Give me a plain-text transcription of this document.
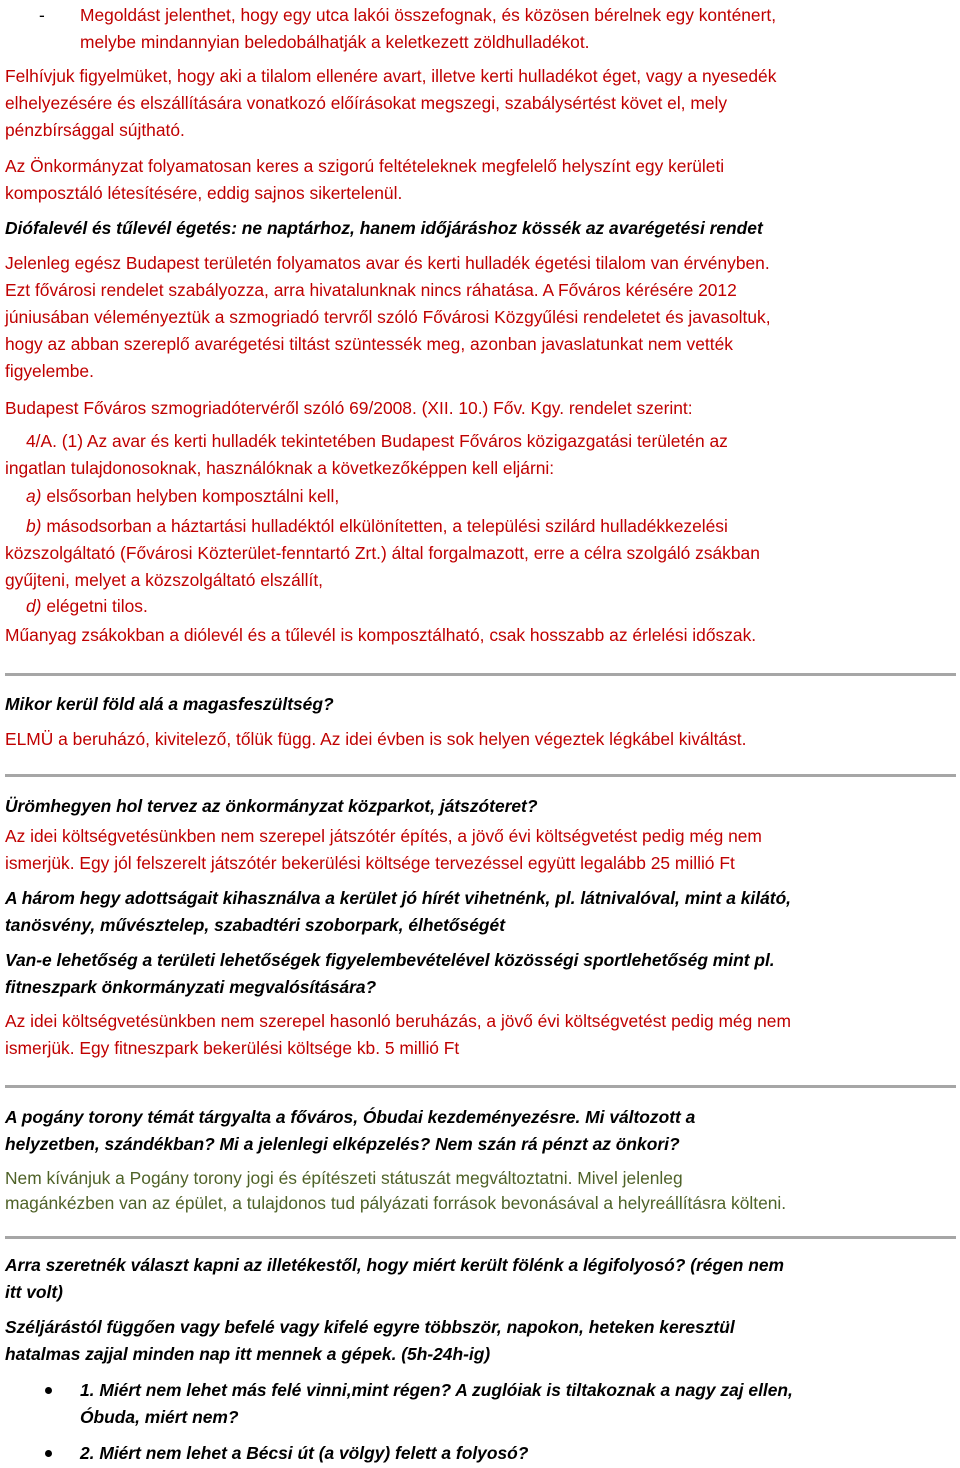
- Megoldást jelenthet, hogy egy utca lakói összefognak, és közösen bérelnek egy konténert,
melybe mindannyian beledobálhatják a keletkezett zöldhulladékot.
Felhívjuk figyelmüket, hogy aki a tilalom ellenére avart, illetve kerti hulladékot éget, vagy a nyesedék
elhelyezésére és elszállítására vonatkozó előírásokat megszegi, szabálysértést követ el, mely
pénzbírsággal sújtható.
Az Önkormányzat folyamatosan keres a szigorú feltételeknek megfelelő helyszínt egy kerületi
komposztáló létesítésére, eddig sajnos sikertelenül.
Diófalevél és tűlevél égetés: ne naptárhoz, hanem időjáráshoz kössék az avarégetési rendet
Jelenleg egész Budapest területén folyamatos avar és kerti hulladék égetési tilalom van érvényben.
Ezt fővárosi rendelet szabályozza, arra hivatalunknak nincs ráhatása. A Főváros kérésére 2012
júniusában véleményeztük a szmogriadó tervről szóló Fővárosi Közgyűlési rendeletet és javasoltuk,
hogy az abban szereplő avarégetési tiltást szüntessék meg, azonban javaslatunkat nem vették
figyelembe.
Budapest Főváros szmogriadótervéről szóló 69/2008. (XII. 10.) Főv. Kgy. rendelet szerint:
4/A. (1) Az avar és kerti hulladék tekintetében Budapest Főváros közigazgatási területén az
ingatlan tulajdonosoknak, használóknak a következőképpen kell eljárni:
a) elsősorban helyben komposztálni kell,
b) másodsorban a háztartási hulladéktól elkülönítetten, a települési szilárd hulladékkezelési
közszolgáltató (Fővárosi Közterület-fenntartó Zrt.) által forgalmazott, erre a célra szolgáló zsákban
gyűjteni, melyet a közszolgáltató elszállít,
d) elégetni tilos.
Műanyag zsákokban a diólevél és a tűlevél is komposztálható, csak hosszabb az érlelési időszak.
Mikor kerül föld alá a magasfeszültség?
ELMÜ a beruházó, kivitelező, tőlük függ. Az idei évben is sok helyen végeztek légkábel kiváltást.
Ürömhegyen hol tervez az önkormányzat közparkot, játszóteret?
Az idei költségvetésünkben nem szerepel játszótér építés, a jövő évi költségvetést pedig még nem
ismerjük. Egy jól felszerelt játszótér bekerülési költsége tervezéssel együtt legalább 25 millió Ft
A három hegy adottságait kihasználva a kerület jó hírét vihetnénk, pl. látnivalóval, mint a kilátó,
tanösvény, művésztelep, szabadtéri szoborpark, élhetőségét
Van-e lehetőség a területi lehetőségek figyelembevételével közösségi sportlehetőség mint pl.
fitneszpark önkormányzati megvalósítására?
Az idei költségvetésünkben nem szerepel hasonló beruházás, a jövő évi költségvetést pedig még nem
ismerjük. Egy fitneszpark bekerülési költsége kb. 5 millió Ft
A pogány torony témát tárgyalta a főváros, Óbudai kezdeményezésre. Mi változott a
helyzetben, szándékban? Mi a jelenlegi elképzelés? Nem szán rá pénzt az önkori?
Nem kívánjuk a Pogány torony jogi és építészeti státuszát megváltoztatni. Mivel jelenleg
magánkézben van az épület, a tulajdonos tud pályázati források bevonásával a helyreállításra költeni.
Arra szeretnék választ kapni az illetékestől, hogy miért került fölénk a légifolyosó? (régen nem
itt volt)
Széljárástól függően vagy befelé vagy kifelé egyre többször, napokon, heteken keresztül
hatalmas zajjal minden nap itt mennek a gépek. (5h-24h-ig)
1. Miért nem lehet más felé vinni,mint régen? A zuglóiak is tiltakoznak a nagy zaj ellen,
Óbuda, miért nem?
2. Miért nem lehet a Bécsi út (a völgy) felett a folyosó?
